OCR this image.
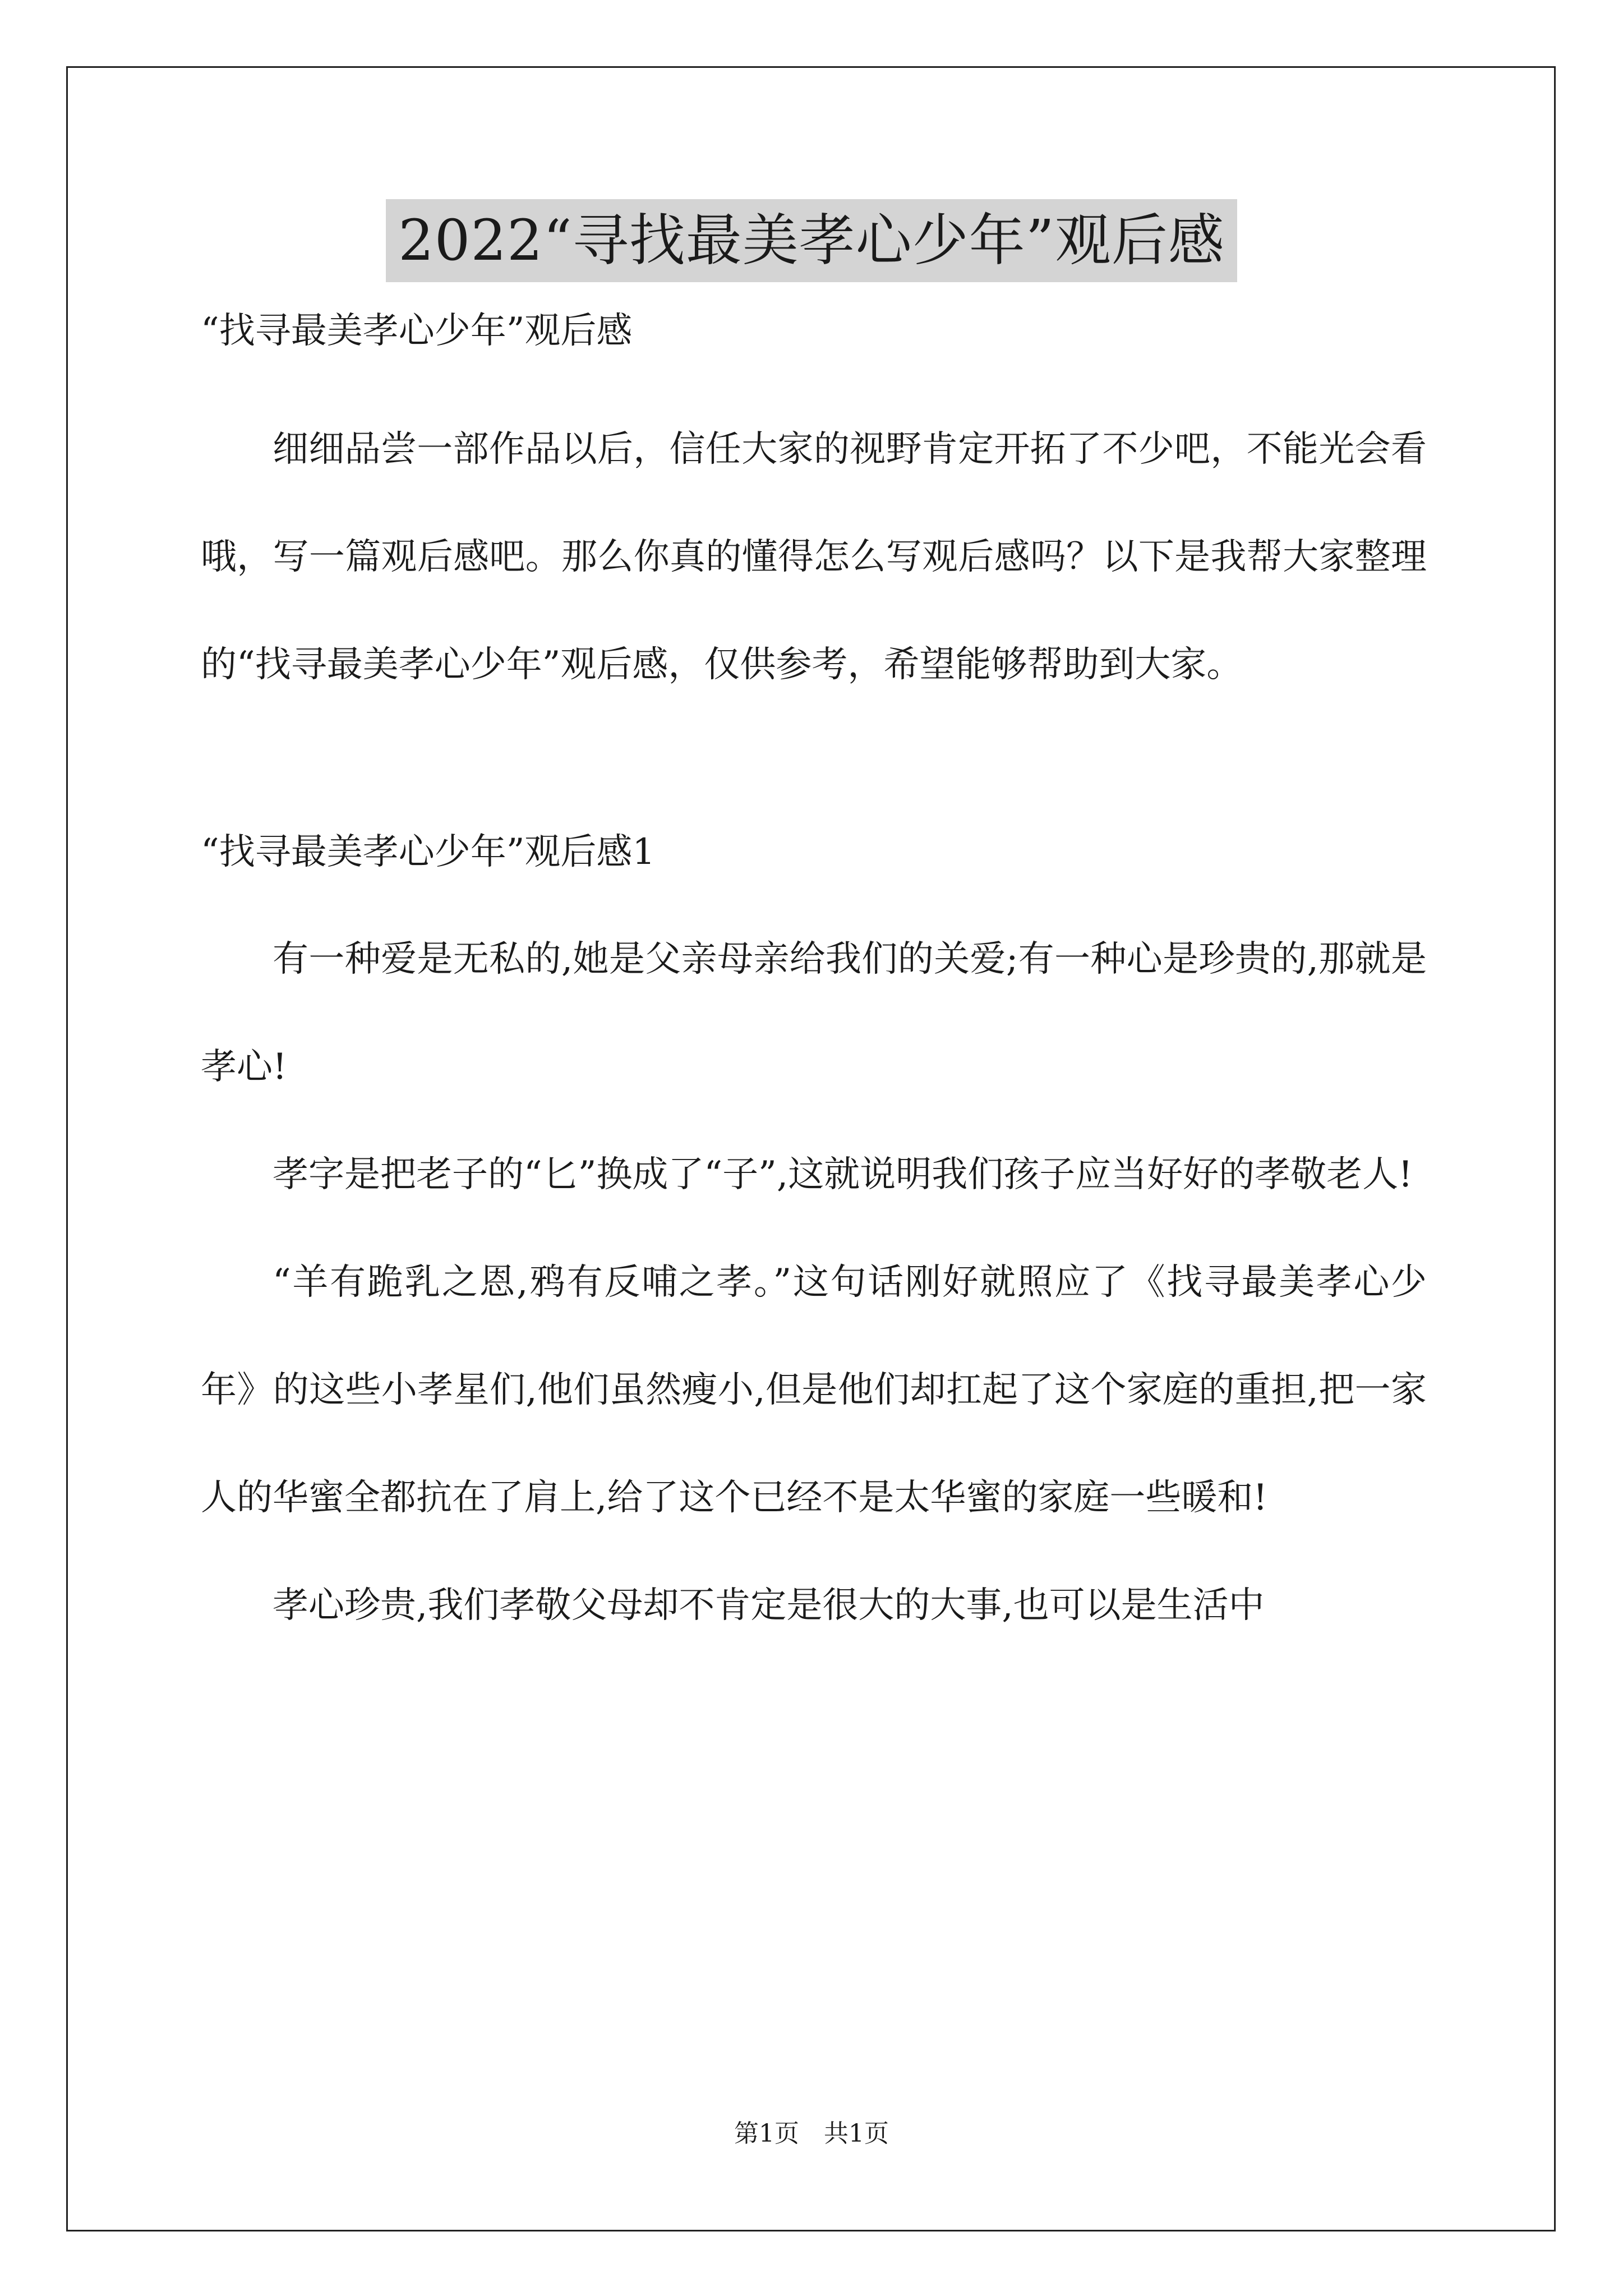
2022“寻找最美孝心少年”观后感

“找寻最美孝心少年”观后感

细细品尝一部作品以后，信任大家的视野肯定开拓了不少吧，不能光会看哦，写一篇观后感吧。那么你真的懂得怎么写观后感吗？以下是我帮大家整理的“找寻最美孝心少年”观后感，仅供参考，希望能够帮助到大家。

“找寻最美孝心少年”观后感1

有一种爱是无私的,她是父亲母亲给我们的关爱;有一种心是珍贵的,那就是孝心!

孝字是把老子的“匕”换成了“子”,这就说明我们孩子应当好好的孝敬老人!

“羊有跪乳之恩,鸦有反哺之孝。”这句话刚好就照应了《找寻最美孝心少年》的这些小孝星们,他们虽然瘦小,但是他们却扛起了这个家庭的重担,把一家人的华蜜全都抗在了肩上,给了这个已经不是太华蜜的家庭一些暖和!

孝心珍贵,我们孝敬父母却不肯定是很大的大事,也可以是生活中

第1页　共1页
